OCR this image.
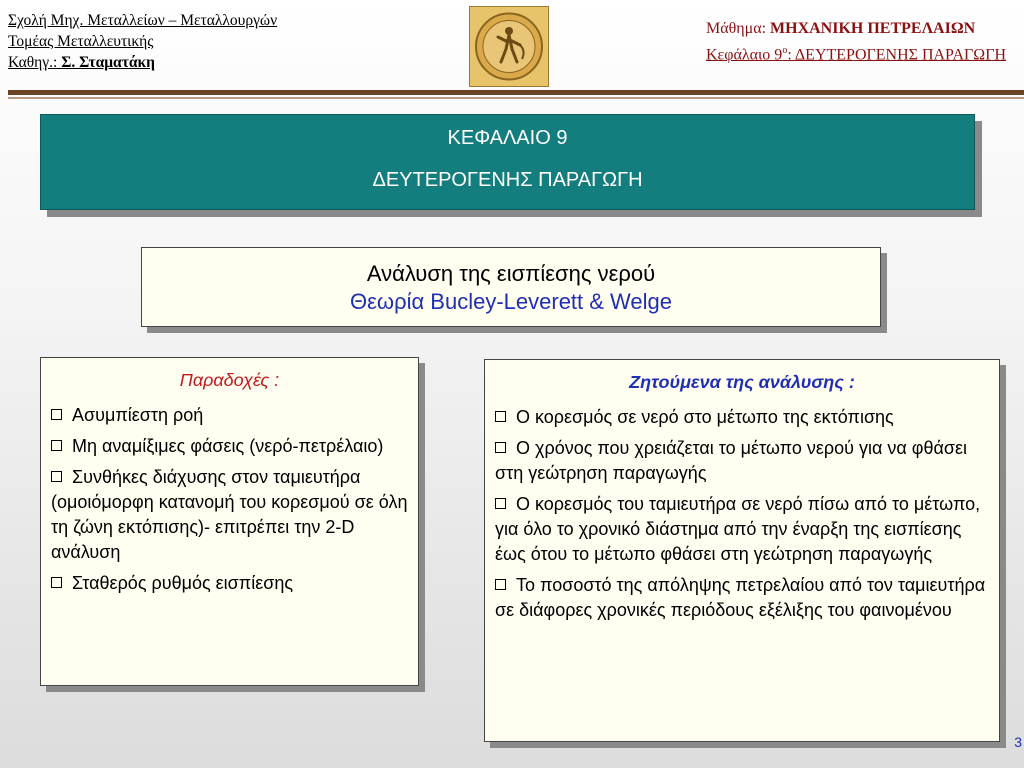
Σχολή Μηχ. Μεταλλείων – Μεταλλουργών
Τομέας Μεταλλευτικής
Καθηγ.: Σ. Σταματάκη
Μάθημα: ΜΗΧΑΝΙΚΗ ΠΕΤΡΕΛΑΙΩΝ
Κεφάλαιο $9^o$: ΔΕΥΤΕΡΟΓΕΝΗΣ ΠΑΡΑΓΩΓΗ
ΚΕΦΑΛΑΙΟ 9
ΔΕΥΤΕΡΟΓΕΝΗΣ ΠΑΡΑΓΩΓΗ
Ανάλυση της εισπίεσης νερού
Θεωρία Bucley-Leverett & Welge
Παραδοχές :
Ασυμπίεστη ροή
Μη αναμίξιμες φάσεις (νερό-πετρέλαιο)
Συνθήκες διάχυσης στον ταμιευτήρα (ομοιόμορφη κατανομή του κορεσμού σε όλη τη ζώνη εκτόπισης)- επιτρέπει την 2-D ανάλυση
Σταθερός ρυθμός εισπίεσης
Ζητούμενα της ανάλυσης :
Ο κορεσμός σε νερό στο μέτωπο της εκτόπισης
Ο χρόνος που χρειάζεται το μέτωπο νερού για να φθάσει στη γεώτρηση παραγωγής
Ο κορεσμός του ταμιευτήρα σε νερό πίσω από το μέτωπο, για όλο το χρονικό διάστημα από την έναρξη της εισπίεσης έως ότου το μέτωπο φθάσει στη γεώτρηση παραγωγής
Το ποσοστό της απόληψης πετρελαίου από τον ταμιευτήρα σε διάφορες χρονικές περιόδους εξέλιξης του φαινομένου
3
